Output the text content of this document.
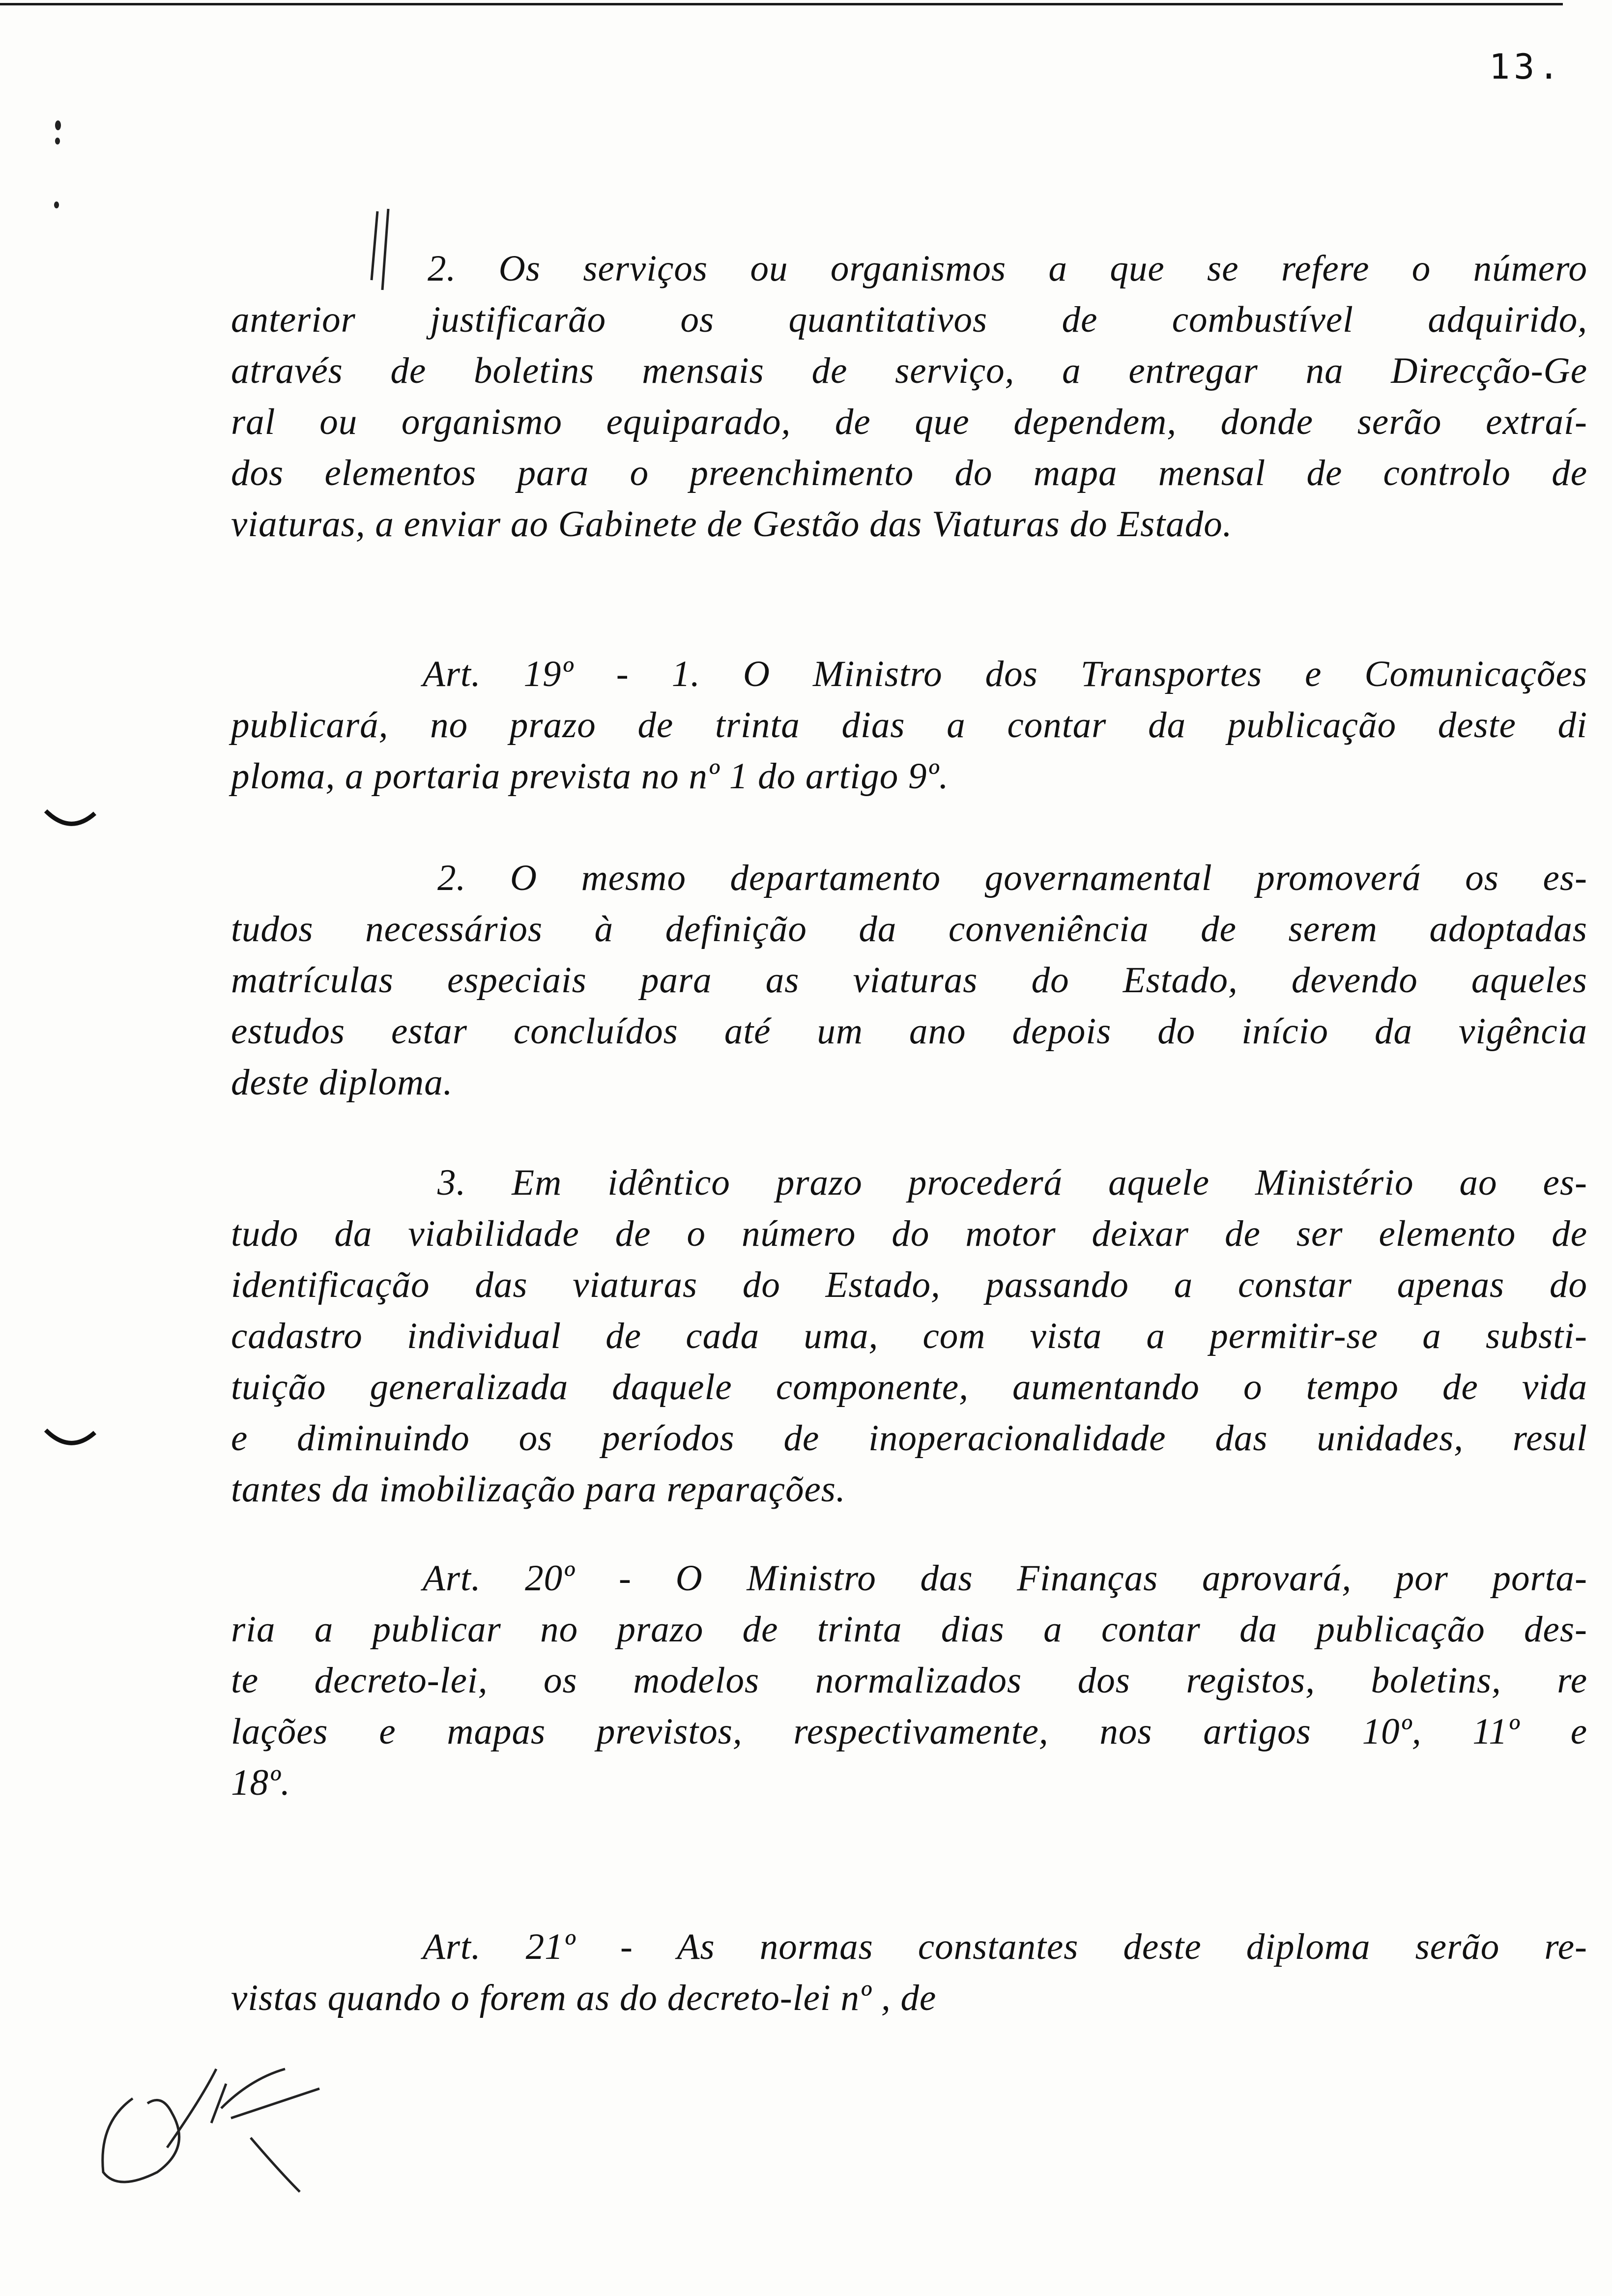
13.
2. Os serviços ou organismos a que se refere o número
anterior justificarão os quantitativos de combustível adquirido,
através de boletins mensais de serviço, a entregar na Direcção-Ge
ral ou organismo equiparado, de que dependem, donde serão extraí-
dos elementos para o preenchimento do mapa mensal de controlo de
viaturas, a enviar ao Gabinete de Gestão das Viaturas do Estado.
Art. 19º - 1. O Ministro dos Transportes e Comunicações
publicará, no prazo de trinta dias a contar da publicação deste di
ploma, a portaria prevista no nº 1 do artigo 9º.
2. O mesmo departamento governamental promoverá os es-
tudos necessários à definição da conveniência de serem adoptadas
matrículas especiais para as viaturas do Estado, devendo aqueles
estudos estar concluídos até um ano depois do início da vigência
deste diploma.
3. Em idêntico prazo procederá aquele Ministério ao es-
tudo da viabilidade de o número do motor deixar de ser elemento de
identificação das viaturas do Estado, passando a constar apenas do
cadastro individual de cada uma, com vista a permitir-se a substi-
tuição generalizada daquele componente, aumentando o tempo de vida
e diminuindo os períodos de inoperacionalidade das unidades, resul
tantes da imobilização para reparações.
Art. 20º - O Ministro das Finanças aprovará, por porta-
ria a publicar no prazo de trinta dias a contar da publicação des-
te decreto-lei, os modelos normalizados dos registos, boletins, re
lações e mapas previstos, respectivamente, nos artigos 10º, 11º e
18º.
Art. 21º - As normas constantes deste diploma serão re-
vistas quando o forem as do decreto-lei nº , de
